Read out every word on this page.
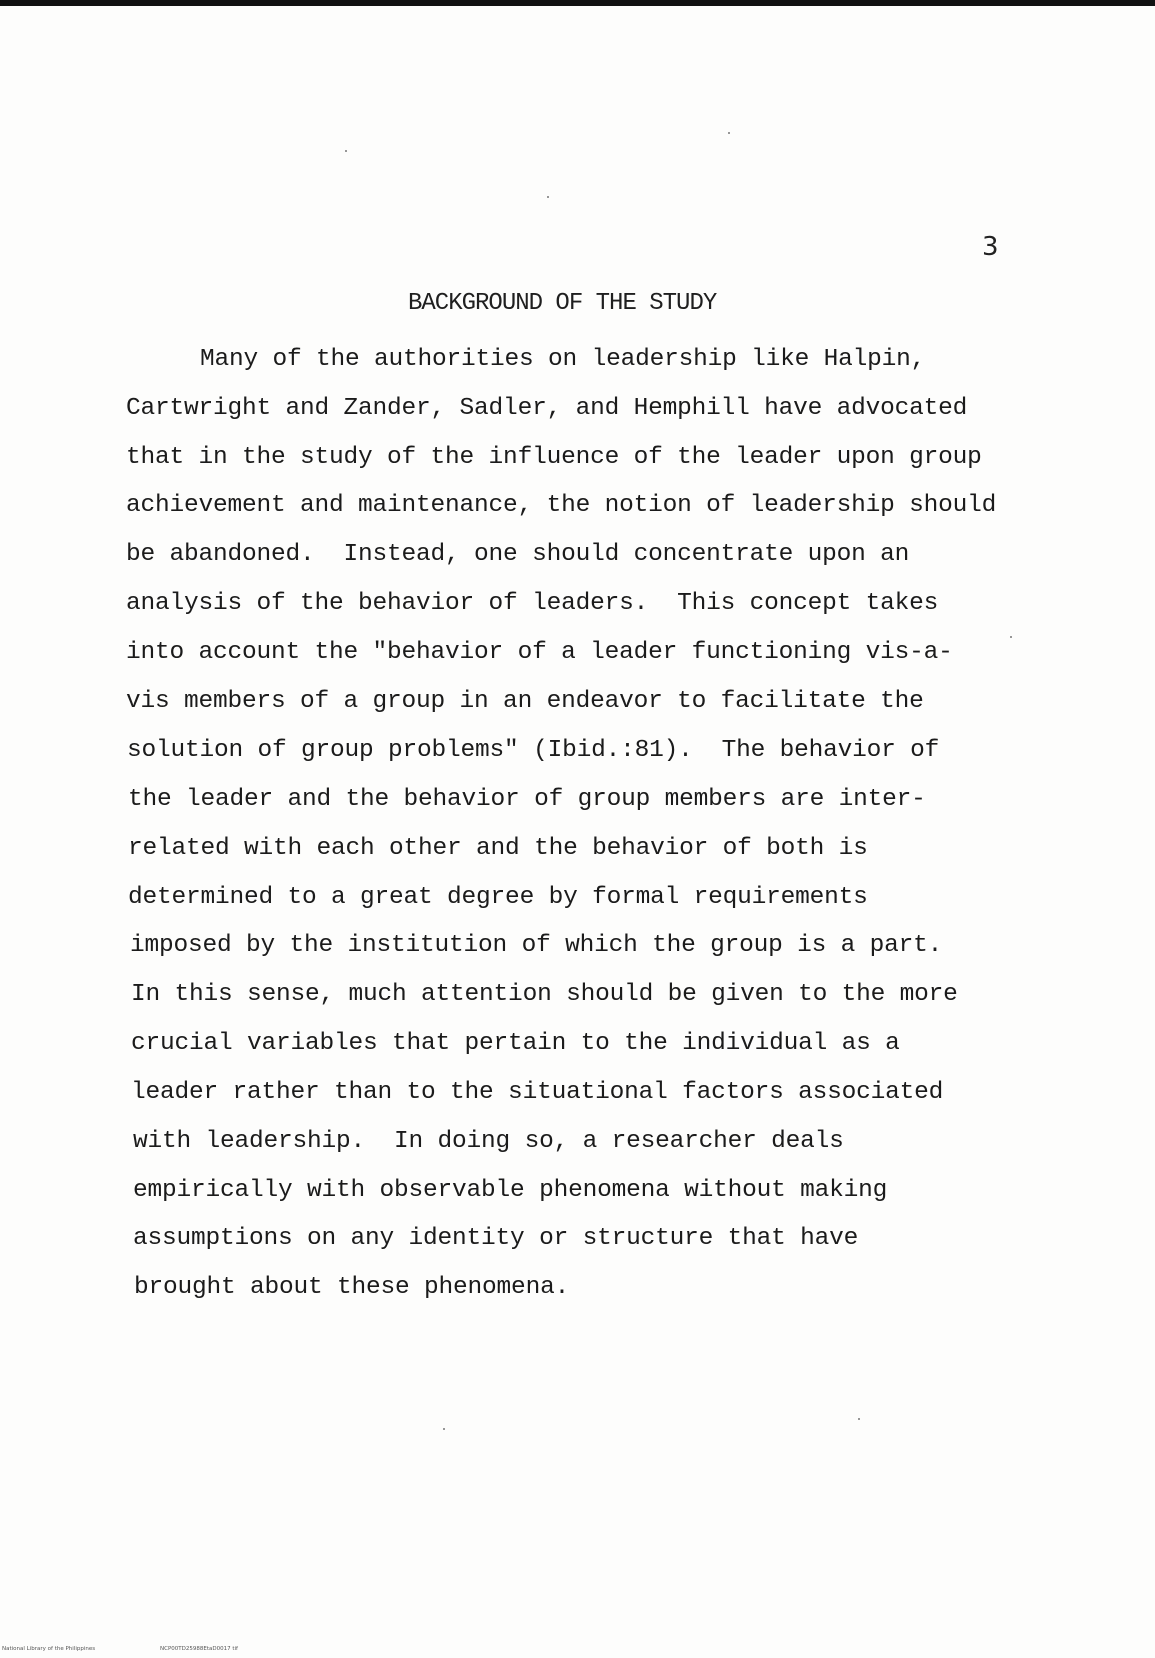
3
BACKGROUND OF THE STUDY
Many of the authorities on leadership like Halpin,
Cartwright and Zander, Sadler, and Hemphill have advocated
that in the study of the influence of the leader upon group
achievement and maintenance, the notion of leadership should
be abandoned.  Instead, one should concentrate upon an
analysis of the behavior of leaders.  This concept takes
into account the "behavior of a leader functioning vis-a-
vis members of a group in an endeavor to facilitate the
solution of group problems" (Ibid.:81).  The behavior of
the leader and the behavior of group members are inter-
related with each other and the behavior of both is
determined to a great degree by formal requirements
imposed by the institution of which the group is a part.
In this sense, much attention should be given to the more
crucial variables that pertain to the individual as a
leader rather than to the situational factors associated
with leadership.  In doing so, a researcher deals
empirically with observable phenomena without making
assumptions on any identity or structure that have
brought about these phenomena.
National Library of the Philippines	NCP00TD25988EtaD0017 tif
